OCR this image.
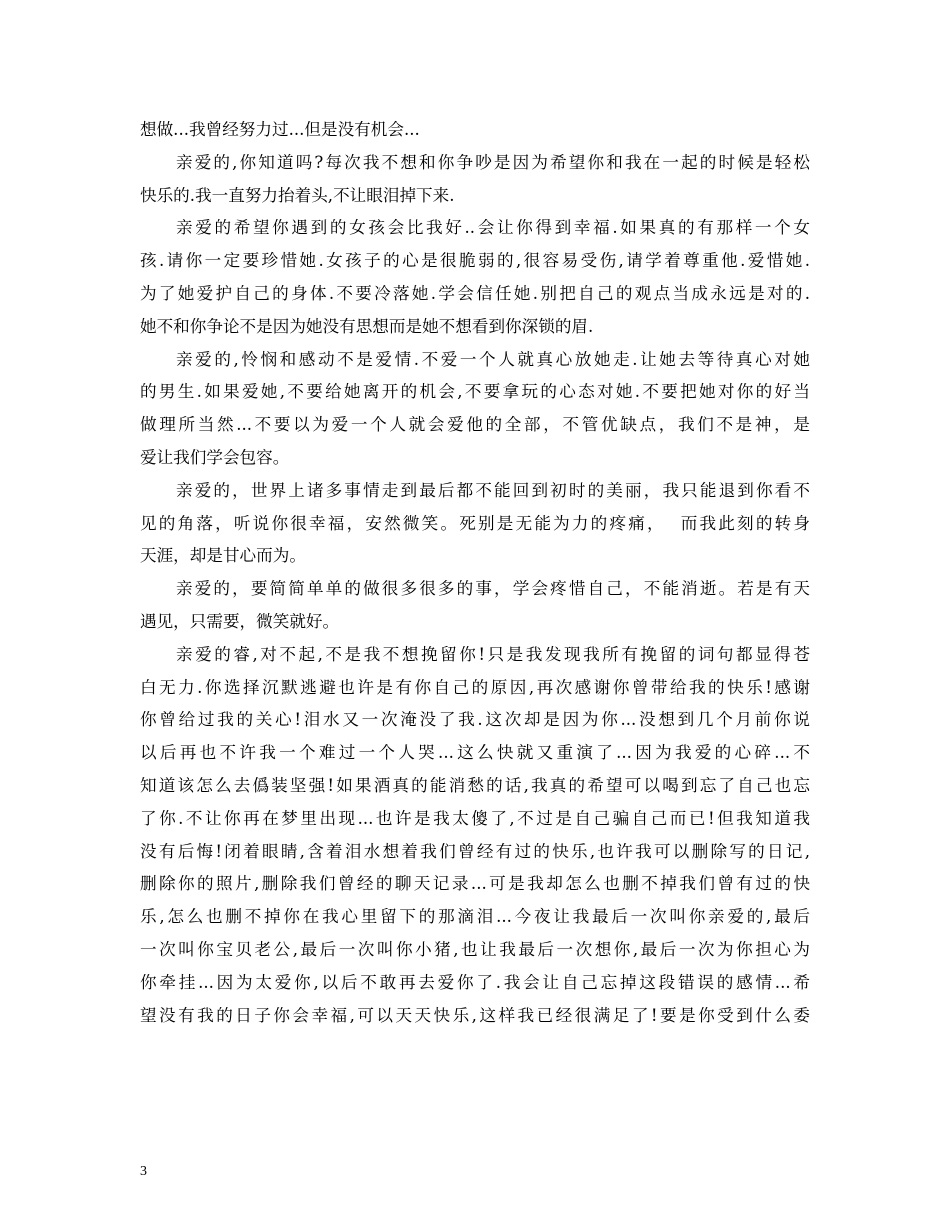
想做...我曾经努力过...但是没有机会...
亲爱的,你知道吗?每次我不想和你争吵是因为希望你和我在一起的时候是轻松
快乐的.我一直努力抬着头,不让眼泪掉下来.
亲爱的希望你遇到的女孩会比我好..会让你得到幸福.如果真的有那样一个女
孩.请你一定要珍惜她.女孩子的心是很脆弱的,很容易受伤,请学着尊重他.爱惜她.
为了她爱护自己的身体.不要冷落她.学会信任她.别把自己的观点当成永远是对的.
她不和你争论不是因为她没有思想而是她不想看到你深锁的眉.
亲爱的,怜悯和感动不是爱情.不爱一个人就真心放她走.让她去等待真心对她
的男生.如果爱她,不要给她离开的机会,不要拿玩的心态对她.不要把她对你的好当
做理所当然...不要以为爱一个人就会爱他的全部，不管优缺点，我们不是神，是
爱让我们学会包容。
亲爱的，世界上诸多事情走到最后都不能回到初时的美丽，我只能退到你看不
见的角落，听说你很幸福，安然微笑。死别是无能为力的疼痛，  而我此刻的转身
天涯，却是甘心而为。
亲爱的，要简简单单的做很多很多的事，学会疼惜自己，不能消逝。若是有天
遇见，只需要，微笑就好。
亲爱的睿,对不起,不是我不想挽留你!只是我发现我所有挽留的词句都显得苍
白无力.你选择沉默逃避也许是有你自己的原因,再次感谢你曾带给我的快乐!感谢
你曾给过我的关心!泪水又一次淹没了我.这次却是因为你...没想到几个月前你说
以后再也不许我一个难过一个人哭...这么快就又重演了...因为我爱的心碎...不
知道该怎么去僞装坚强!如果酒真的能消愁的话,我真的希望可以喝到忘了自己也忘
了你.不让你再在梦里出现...也许是我太傻了,不过是自己骗自己而已!但我知道我
没有后悔!闭着眼睛,含着泪水想着我们曾经有过的快乐,也许我可以删除写的日记,
删除你的照片,删除我们曾经的聊天记录...可是我却怎么也删不掉我们曾有过的快
乐,怎么也删不掉你在我心里留下的那滴泪...今夜让我最后一次叫你亲爱的,最后
一次叫你宝贝老公,最后一次叫你小猪,也让我最后一次想你,最后一次为你担心为
你牵挂...因为太爱你,以后不敢再去爱你了.我会让自己忘掉这段错误的感情...希
望没有我的日子你会幸福,可以天天快乐,这样我已经很满足了!要是你受到什么委
3
